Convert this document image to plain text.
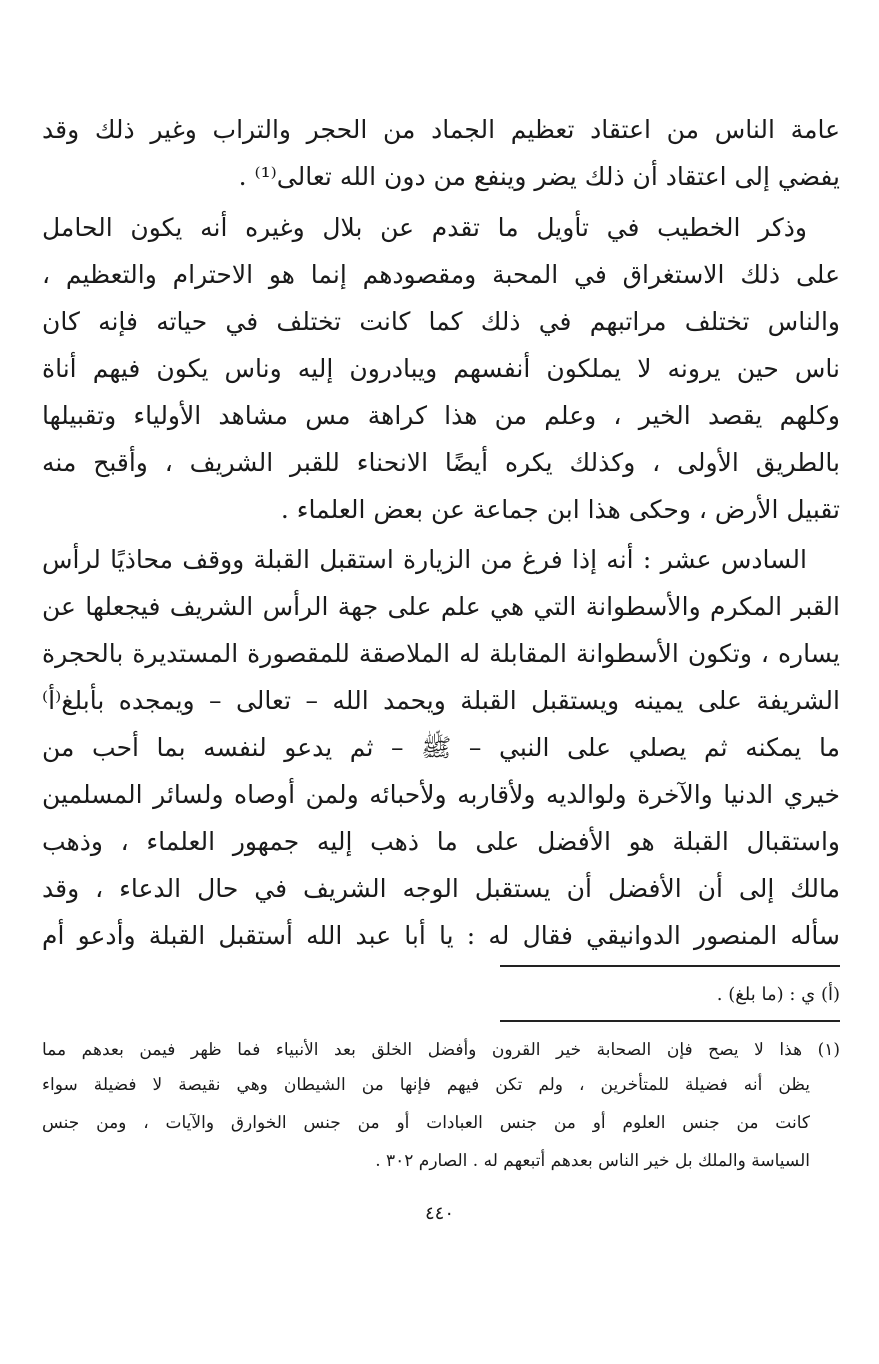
عامة الناس من اعتقاد تعظيم الجماد من الحجر والتراب وغير ذلك وقد
يفضي إلى اعتقاد أن ذلك يضر وينفع من دون الله تعالى⁽¹⁾ .
وذكر الخطيب في تأويل ما تقدم عن بلال وغيره أنه يكون الحامل
على ذلك الاستغراق في المحبة ومقصودهم إنما هو الاحترام والتعظيم ،
والناس تختلف مراتبهم في ذلك كما كانت تختلف في حياته فإنه كان
ناس حين يرونه لا يملكون أنفسهم ويبادرون إليه وناس يكون فيهم أناة
وكلهم يقصد الخير ، وعلم من هذا كراهة مس مشاهد الأولياء وتقبيلها
بالطريق الأولى ، وكذلك يكره أيضًا الانحناء للقبر الشريف ، وأقبح منه
تقبيل الأرض ، وحكى هذا ابن جماعة عن بعض العلماء .
السادس عشر : أنه إذا فرغ من الزيارة استقبل القبلة ووقف محاذيًا لرأس
القبر المكرم والأسطوانة التي هي علم على جهة الرأس الشريف فيجعلها عن
يساره ، وتكون الأسطوانة المقابلة له الملاصقة للمقصورة المستديرة بالحجرة
الشريفة على يمينه ويستقبل القبلة ويحمد الله – تعالى – ويمجده بأبلغ⁽أ⁾
ما يمكنه ثم يصلي على النبي – ﷺ – ثم يدعو لنفسه بما أحب من
خيري الدنيا والآخرة ولوالديه ولأقاربه ولأحبائه ولمن أوصاه ولسائر المسلمين
واستقبال القبلة هو الأفضل على ما ذهب إليه جمهور العلماء ، وذهب
مالك إلى أن الأفضل أن يستقبل الوجه الشريف في حال الدعاء ، وقد
سأله المنصور الدوانيقي فقال له : يا أبا عبد الله أستقبل القبلة وأدعو أم
(أ) ي : (ما بلغ) .
(١) هذا لا يصح فإن الصحابة خير القرون وأفضل الخلق بعد الأنبياء فما ظهر فيمن بعدهم مما
يظن أنه فضيلة للمتأخرين ، ولم تكن فيهم فإنها من الشيطان وهي نقيصة لا فضيلة سواء
كانت من جنس العلوم أو من جنس العبادات أو من جنس الخوارق والآيات ، ومن جنس
السياسة والملك بل خير الناس بعدهم أتبعهم له . الصارم ٣٠٢ .
٤٤٠
